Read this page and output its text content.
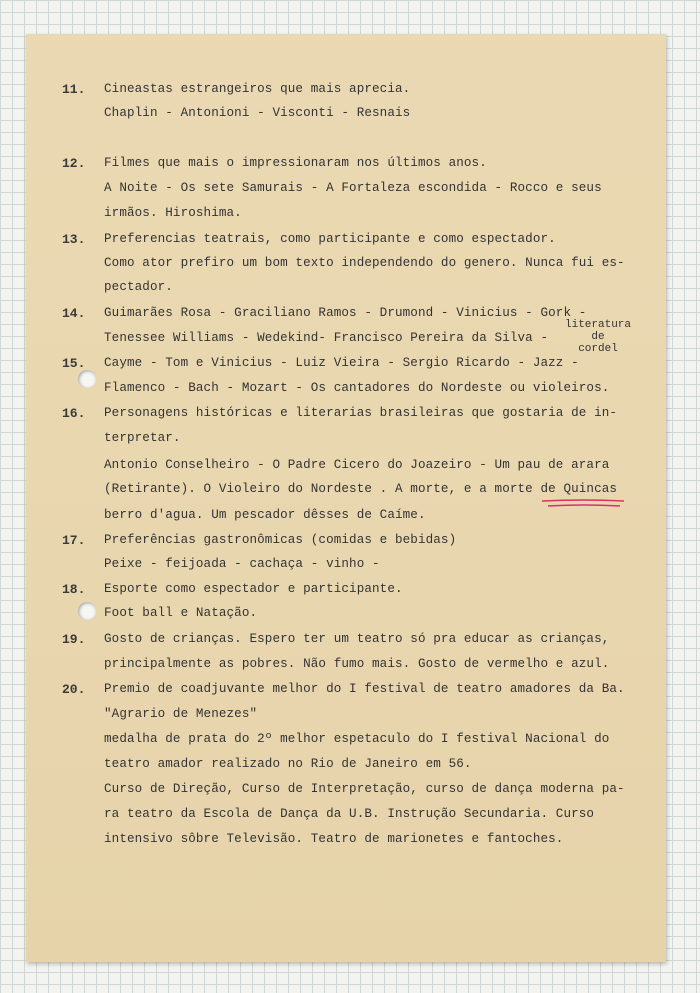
11. Cineastas estrangeiros que mais aprecia.
Chaplin - Antonioni - Visconti - Resnais
12. Filmes que mais o impressionaram nos últimos anos.
A Noite - Os sete Samurais - A Fortaleza escondida - Rocco e seus
irmãos. Hiroshima.
13. Preferencias teatrais, como participante e como espectador.
Como ator prefiro um bom texto independendo do genero. Nunca fui es-
pectador.
14. Guimarães Rosa - Graciliano Ramos - Drumond - Vinicius - Gork -
Tenessee Williams - Wedekind- Francisco Pereira da Silva -
literatura
de
cordel
15. Cayme - Tom e Vinicius - Luiz Vieira - Sergio Ricardo - Jazz -
Flamenco - Bach - Mozart - Os cantadores do Nordeste ou violeiros.
16. Personagens históricas e literarias brasileiras que gostaria de in-
terpretar.
Antonio Conselheiro - O Padre Cicero do Joazeiro - Um pau de arara
(Retirante). O Violeiro do Nordeste . A morte, e a morte de Quincas
berro d'agua. Um pescador dêsses de Caíme.
17. Preferências gastronômicas (comidas e bebidas)
Peixe - feijoada - cachaça - vinho -
18. Esporte como espectador e participante.
Foot ball e Natação.
19. Gosto de crianças. Espero ter um teatro só pra educar as crianças,
principalmente as pobres. Não fumo mais. Gosto de vermelho e azul.
20. Premio de coadjuvante melhor do I festival de teatro amadores da Ba.
"Agrario de Menezes"
medalha de prata do 2º melhor espetaculo do I festival Nacional do
teatro amador realizado no Rio de Janeiro em 56.
Curso de Direção, Curso de Interpretação, curso de dança moderna pa-
ra teatro da Escola de Dança da U.B. Instrução Secundaria. Curso
intensivo sôbre Televisão. Teatro de marionetes e fantoches.
